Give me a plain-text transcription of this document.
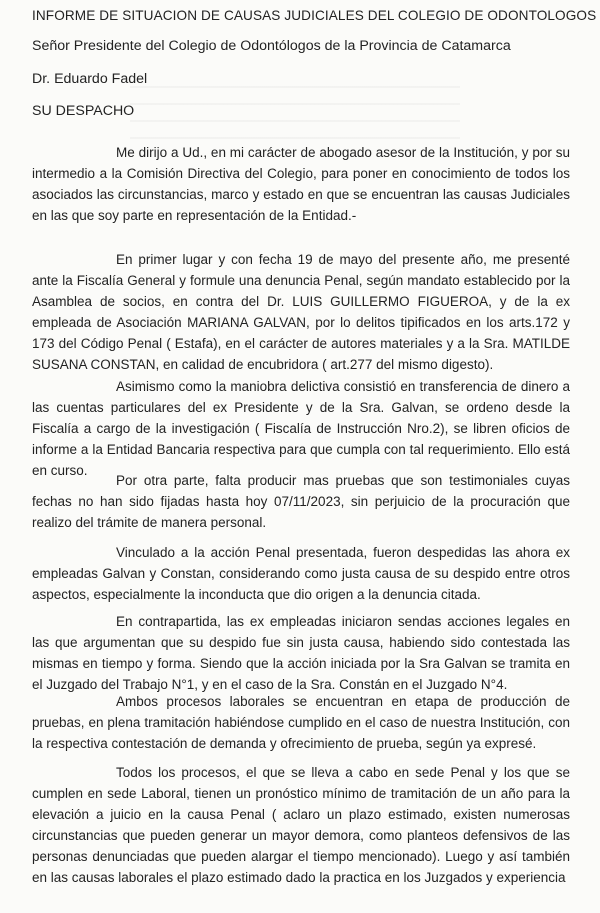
INFORME DE SITUACION DE CAUSAS JUDICIALES DEL COLEGIO DE ODONTOLOGOS
Señor Presidente del Colegio de Odontólogos de la Provincia de Catamarca
Dr. Eduardo Fadel
SU DESPACHO

Me dirijo a Ud., en mi carácter de abogado asesor de la Institución, y por su intermedio a la Comisión Directiva del Colegio, para poner en conocimiento de todos los asociados las circunstancias, marco y estado en que se encuentran las causas Judiciales en las que soy parte en representación de la Entidad.-

En primer lugar y con fecha 19 de mayo del presente año, me presenté ante la Fiscalía General y formule una denuncia Penal, según mandato establecido por la Asamblea de socios, en contra del Dr. LUIS GUILLERMO FIGUEROA, y de la ex empleada de Asociación MARIANA GALVAN, por lo delitos tipificados en los arts.172 y 173 del Código Penal ( Estafa), en el carácter de autores materiales y a la Sra. MATILDE SUSANA CONSTAN, en calidad de encubridora ( art.277 del mismo digesto).

Asimismo como la maniobra delictiva consistió en transferencia de dinero a las cuentas particulares del ex Presidente y de la Sra. Galvan, se ordeno desde la Fiscalía a cargo de la investigación ( Fiscalía de Instrucción Nro.2), se libren oficios de informe a la Entidad Bancaria respectiva para que cumpla con tal requerimiento. Ello está en curso.

Por otra parte, falta producir mas pruebas que son testimoniales cuyas fechas no han sido fijadas hasta hoy 07/11/2023, sin perjuicio de la procuración que realizo del trámite de manera personal.

Vinculado a la acción Penal presentada, fueron despedidas las ahora ex empleadas Galvan y Constan, considerando como justa causa de su despido entre otros aspectos, especialmente la inconducta que dio origen a la denuncia citada.

En contrapartida, las ex empleadas iniciaron sendas acciones legales en las que argumentan que su despido fue sin justa causa, habiendo sido contestada las mismas en tiempo y forma. Siendo que la acción iniciada por la Sra Galvan se tramita en el Juzgado del Trabajo N°1, y en el caso de la Sra. Constán en el Juzgado N°4.

Ambos procesos laborales se encuentran en etapa de producción de pruebas, en plena tramitación habiéndose cumplido en el caso de nuestra Institución, con la respectiva contestación de demanda y ofrecimiento de prueba, según ya expresé.

Todos los procesos, el que se lleva a cabo en sede Penal y los que se cumplen en sede Laboral, tienen un pronóstico mínimo de tramitación de un año para la elevación a juicio en la causa Penal ( aclaro un plazo estimado, existen numerosas circunstancias que pueden generar un mayor demora, como planteos defensivos de las personas denunciadas que pueden alargar el tiempo mencionado). Luego y así también en las causas laborales el plazo estimado dado la practica en los Juzgados y experiencia
